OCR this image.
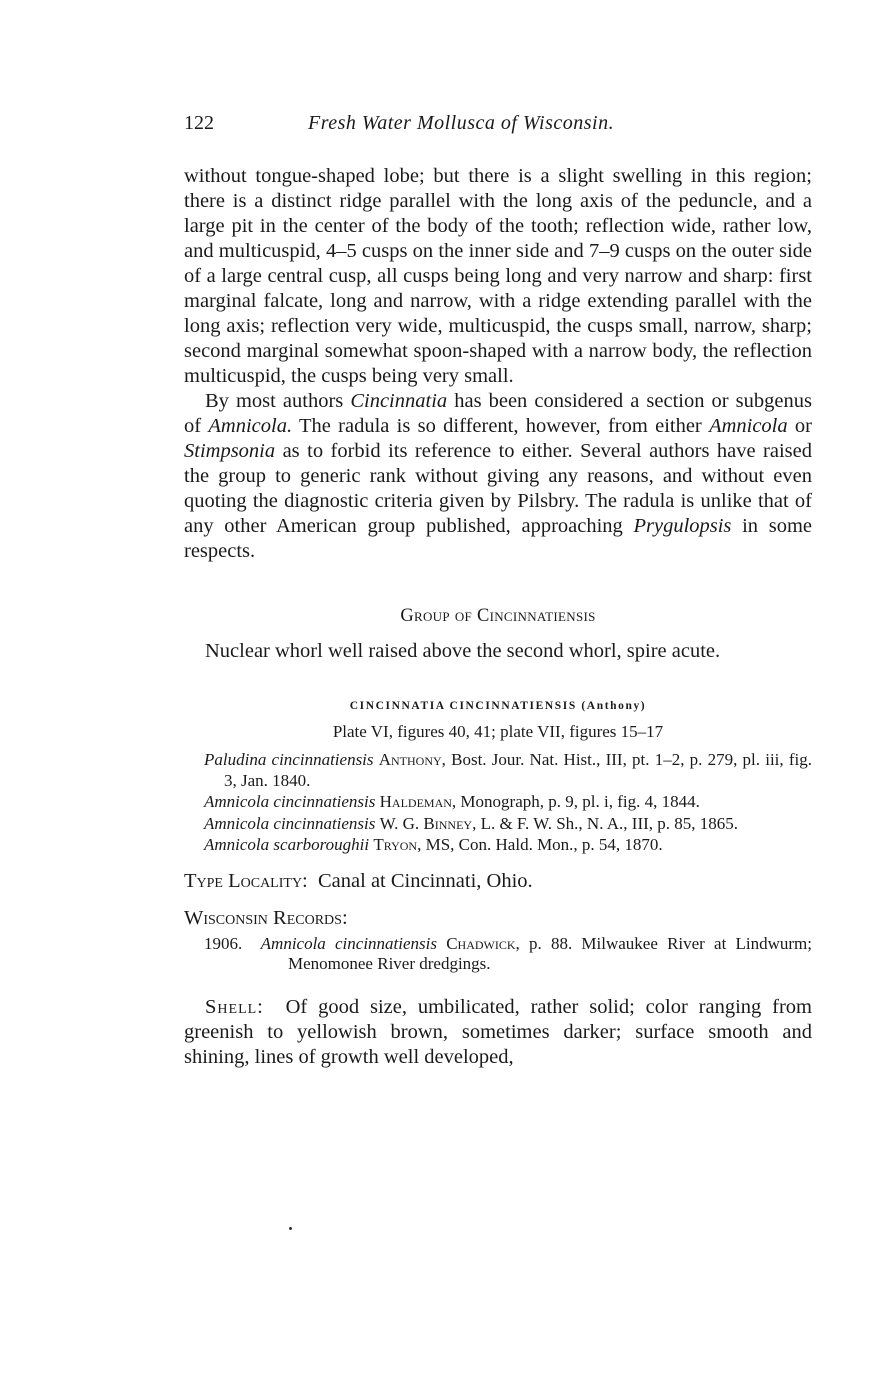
122	Fresh Water Mollusca of Wisconsin.

without tongue-shaped lobe; but there is a slight swelling in this region; there is a distinct ridge parallel with the long axis of the peduncle, and a large pit in the center of the body of the tooth; reflection wide, rather low, and multicuspid, 4–5 cusps on the inner side and 7–9 cusps on the outer side of a large central cusp, all cusps being long and very narrow and sharp: first marginal falcate, long and narrow, with a ridge extending parallel with the long axis; reflection very wide, multicuspid, the cusps small, narrow, sharp; second marginal somewhat spoon-shaped with a narrow body, the reflection multicuspid, the cusps being very small.

By most authors Cincinnatia has been considered a section or subgenus of Amnicola. The radula is so different, however, from either Amnicola or Stimpsonia as to forbid its reference to either. Several authors have raised the group to generic rank without giving any reasons, and without even quoting the diagnostic criteria given by Pilsbry. The radula is unlike that of any other American group published, approaching Prygulopsis in some respects.

Group of Cincinnatiensis

Nuclear whorl well raised above the second whorl, spire acute.

CINCINNATIA CINCINNATIENSIS (Anthony)
Plate VI, figures 40, 41; plate VII, figures 15–17
Paludina cincinnatiensis Anthony, Bost. Jour. Nat. Hist., III, pt. 1–2, p. 279, pl. iii, fig. 3, Jan. 1840.
Amnicola cincinnatiensis Haldeman, Monograph, p. 9, pl. i, fig. 4, 1844.
Amnicola cincinnatiensis W. G. Binney, L. & F. W. Sh., N. A., III, p. 85, 1865.
Amnicola scarboroughii Tryon, MS, Con. Hald. Mon., p. 54, 1870.
Type Locality: Canal at Cincinnati, Ohio.
Wisconsin Records:
1906. Amnicola cincinnatiensis Chadwick, p. 88. Milwaukee River at Lindwurm; Menomonee River dredgings.

Shell: Of good size, umbilicated, rather solid; color ranging from greenish to yellowish brown, sometimes darker; surface smooth and shining, lines of growth well developed,
